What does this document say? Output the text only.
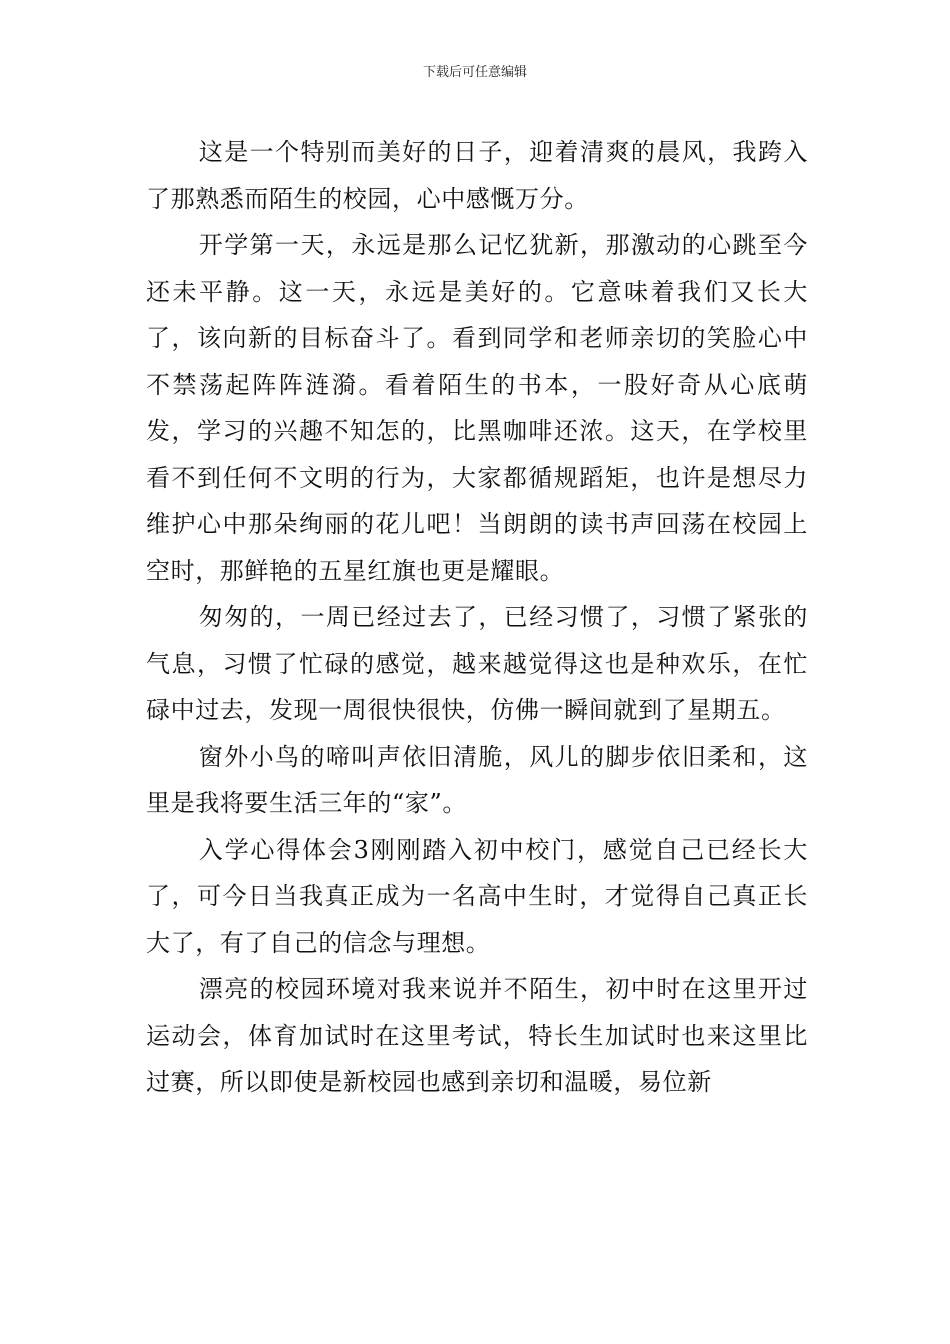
下载后可任意编辑

这是一个特别而美好的日子，迎着清爽的晨风，我跨入了那熟悉而陌生的校园，心中感慨万分。

开学第一天，永远是那么记忆犹新，那激动的心跳至今还未平静。这一天，永远是美好的。它意味着我们又长大了，该向新的目标奋斗了。看到同学和老师亲切的笑脸心中不禁荡起阵阵涟漪。看着陌生的书本，一股好奇从心底萌发，学习的兴趣不知怎的，比黑咖啡还浓。这天，在学校里看不到任何不文明的行为，大家都循规蹈矩，也许是想尽力维护心中那朵绚丽的花儿吧！当朗朗的读书声回荡在校园上空时，那鲜艳的五星红旗也更是耀眼。

匆匆的，一周已经过去了，已经习惯了，习惯了紧张的气息，习惯了忙碌的感觉，越来越觉得这也是种欢乐，在忙碌中过去，发现一周很快很快，仿佛一瞬间就到了星期五。

窗外小鸟的啼叫声依旧清脆，风儿的脚步依旧柔和，这里是我将要生活三年的“家”。

入学心得体会3刚刚踏入初中校门，感觉自己已经长大了，可今日当我真正成为一名高中生时，才觉得自己真正长大了，有了自己的信念与理想。

漂亮的校园环境对我来说并不陌生，初中时在这里开过运动会，体育加试时在这里考试，特长生加试时也来这里比过赛，所以即使是新校园也感到亲切和温暖，易位新
